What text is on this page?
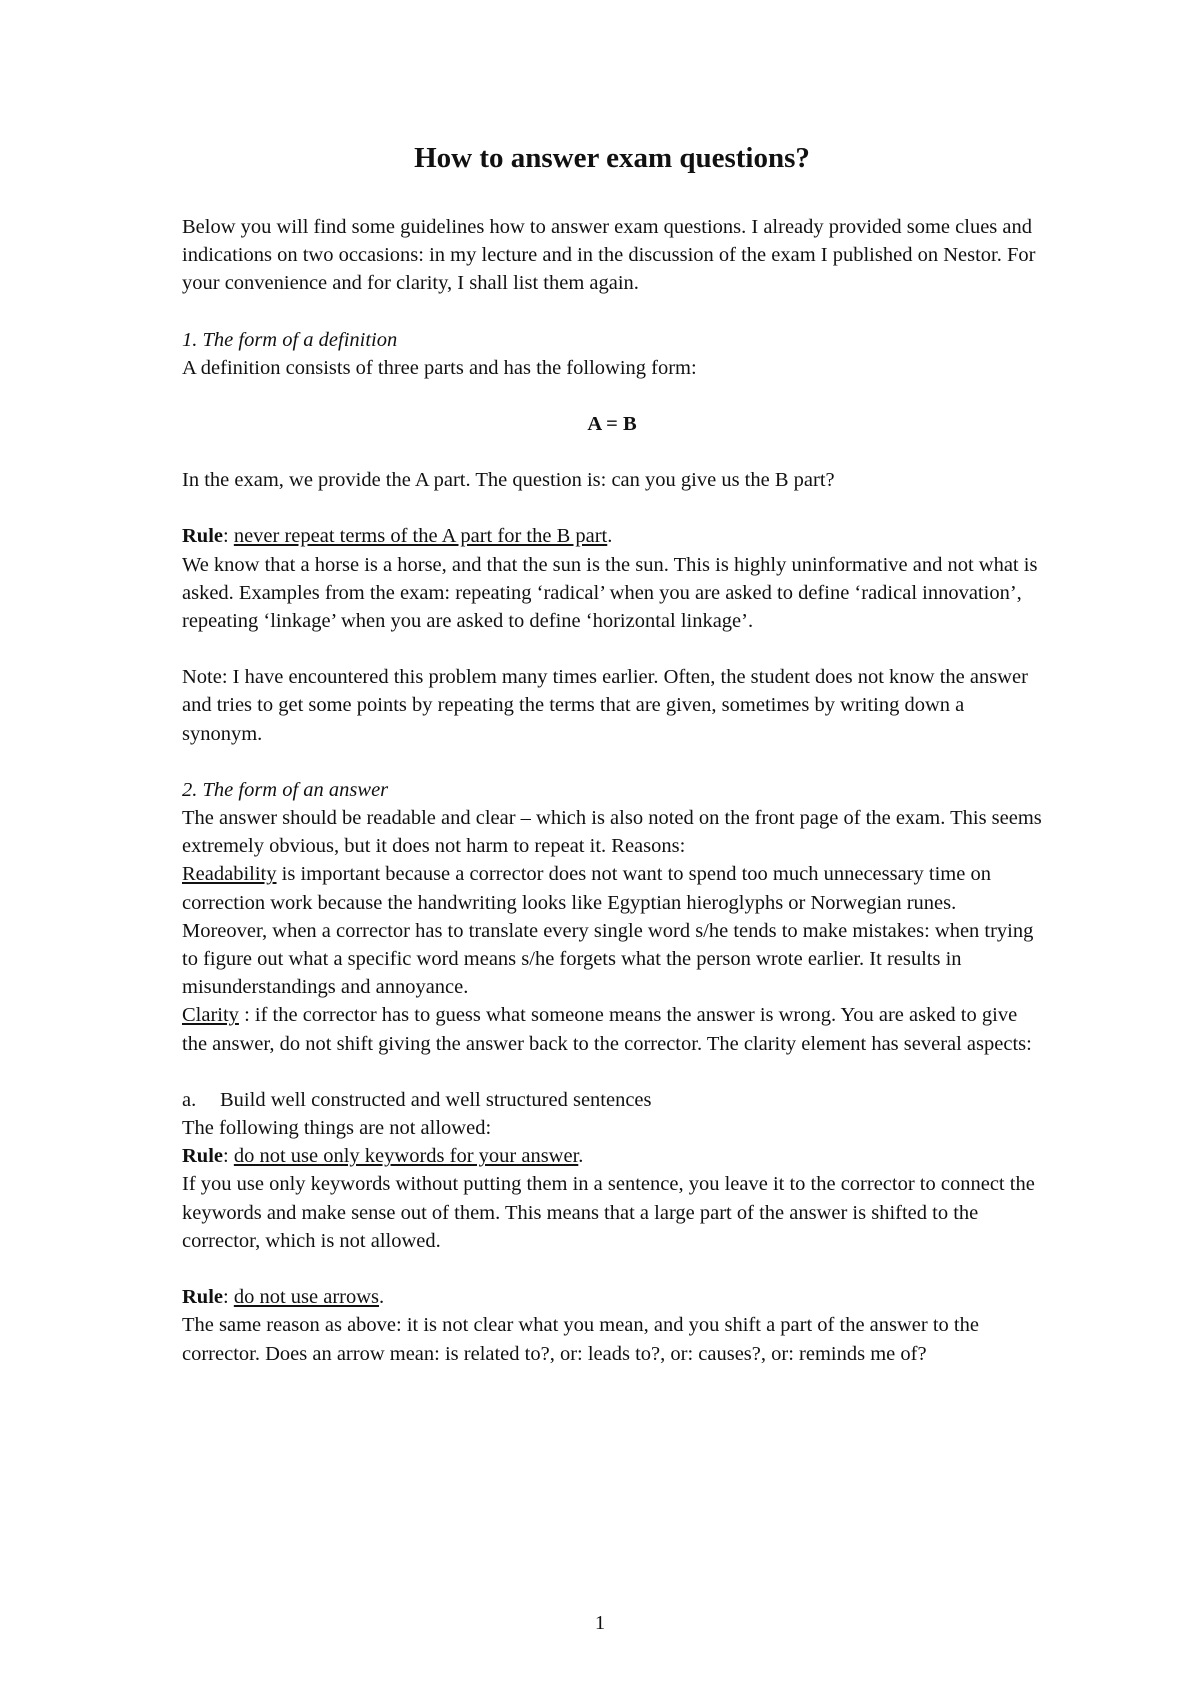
How to answer exam questions?

Below you will find some guidelines how to answer exam questions. I already provided some clues and indications on two occasions: in my lecture and in the discussion of the exam I published on Nestor. For your convenience and for clarity, I shall list them again.

1. The form of a definition

A definition consists of three parts and has the following form:

A = B

In the exam, we provide the A part. The question is: can you give us the B part?

Rule: never repeat terms of the A part for the B part.

We know that a horse is a horse, and that the sun is the sun. This is highly uninformative and not what is asked. Examples from the exam: repeating ‘radical’ when you are asked to define ‘radical innovation’, repeating ‘linkage’ when you are asked to define ‘horizontal linkage’.

Note: I have encountered this problem many times earlier. Often, the student does not know the answer and tries to get some points by repeating the terms that are given, sometimes by writing down a synonym.

2. The form of an answer

The answer should be readable and clear – which is also noted on the front page of the exam. This seems extremely obvious, but it does not harm to repeat it. Reasons:

Readability is important because a corrector does not want to spend too much unnecessary time on correction work because the handwriting looks like Egyptian hieroglyphs or Norwegian runes. Moreover, when a corrector has to translate every single word s/he tends to make mistakes: when trying to figure out what a specific word means s/he forgets what the person wrote earlier. It results in misunderstandings and annoyance.

Clarity : if the corrector has to guess what someone means the answer is wrong. You are asked to give the answer, do not shift giving the answer back to the corrector. The clarity element has several aspects:

a. Build well constructed and well structured sentences

The following things are not allowed:

Rule: do not use only keywords for your answer.

If you use only keywords without putting them in a sentence, you leave it to the corrector to connect the keywords and make sense out of them. This means that a large part of the answer is shifted to the corrector, which is not allowed.

Rule: do not use arrows.

The same reason as above: it is not clear what you mean, and you shift a part of the answer to the corrector. Does an arrow mean: is related to?, or: leads to?, or: causes?, or: reminds me of?

1
